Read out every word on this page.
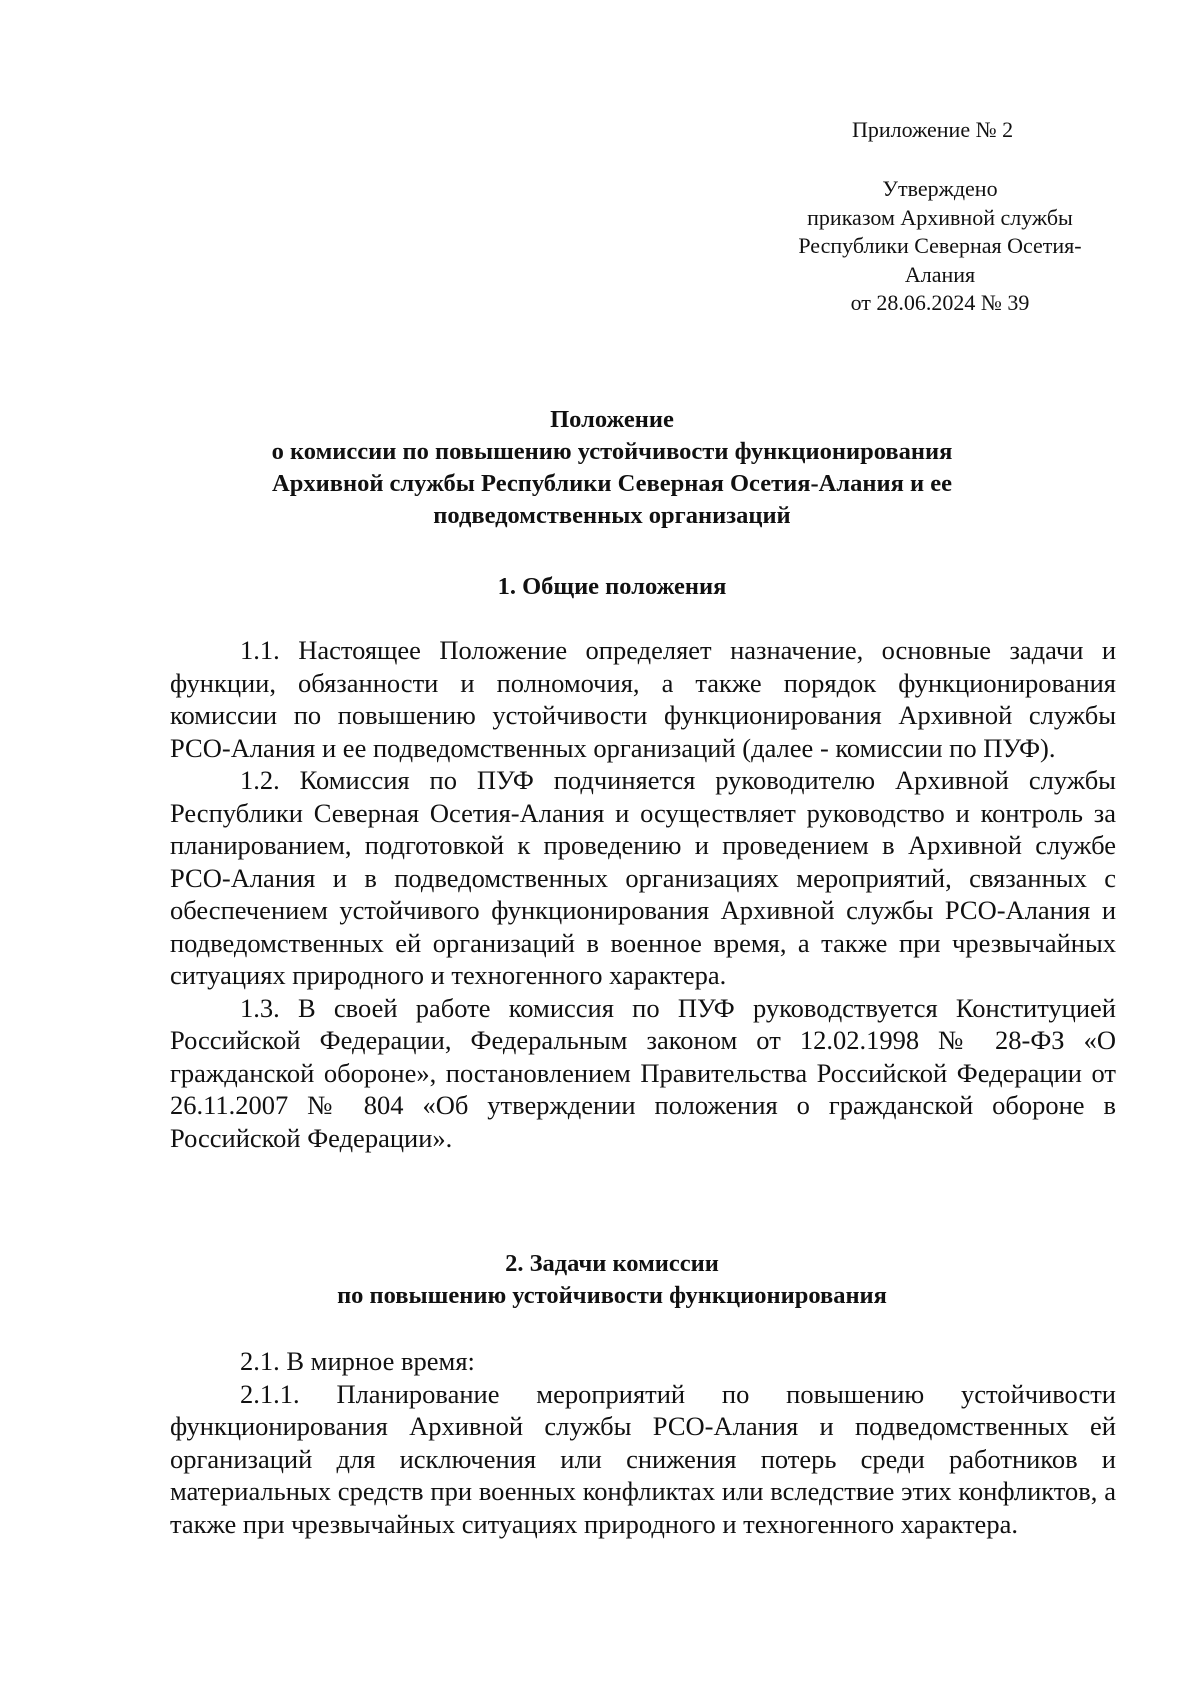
Приложение № 2
Утверждено
приказом Архивной службы
Республики Северная Осетия-
Алания
от 28.06.2024 № 39
Положение
о комиссии по повышению устойчивости функционирования
Архивной службы Республики Северная Осетия-Алания и ее
подведомственных организаций
1. Общие положения

1.1. Настоящее Положение определяет назначение, основные задачи и функции, обязанности и полномочия, а также порядок функционирования комиссии по повышению устойчивости функционирования Архивной службы РСО-Алания и ее подведомственных организаций (далее - комиссии по ПУФ).

1.2. Комиссия по ПУФ подчиняется руководителю Архивной службы Республики Северная Осетия-Алания и осуществляет руководство и контроль за планированием, подготовкой к проведению и проведением в Архивной службе РСО-Алания и в подведомственных организациях мероприятий, связанных с обеспечением устойчивого функционирования Архивной службы РСО-Алания и подведомственных ей организаций в военное время, а также при чрезвычайных ситуациях природного и техногенного характера.

1.3. В своей работе комиссия по ПУФ руководствуется Конституцией Российской Федерации, Федеральным законом от 12.02.1998 № 28-ФЗ «О гражданской обороне», постановлением Правительства Российской Федерации от 26.11.2007 № 804 «Об утверждении положения о гражданской обороне в Российской Федерации».

2. Задачи комиссии
по повышению устойчивости функционирования

2.1. В мирное время:

2.1.1. Планирование мероприятий по повышению устойчивости функционирования Архивной службы РСО-Алания и подведомственных ей организаций для исключения или снижения потерь среди работников и материальных средств при военных конфликтах или вследствие этих конфликтов, а также при чрезвычайных ситуациях природного и техногенного характера.
